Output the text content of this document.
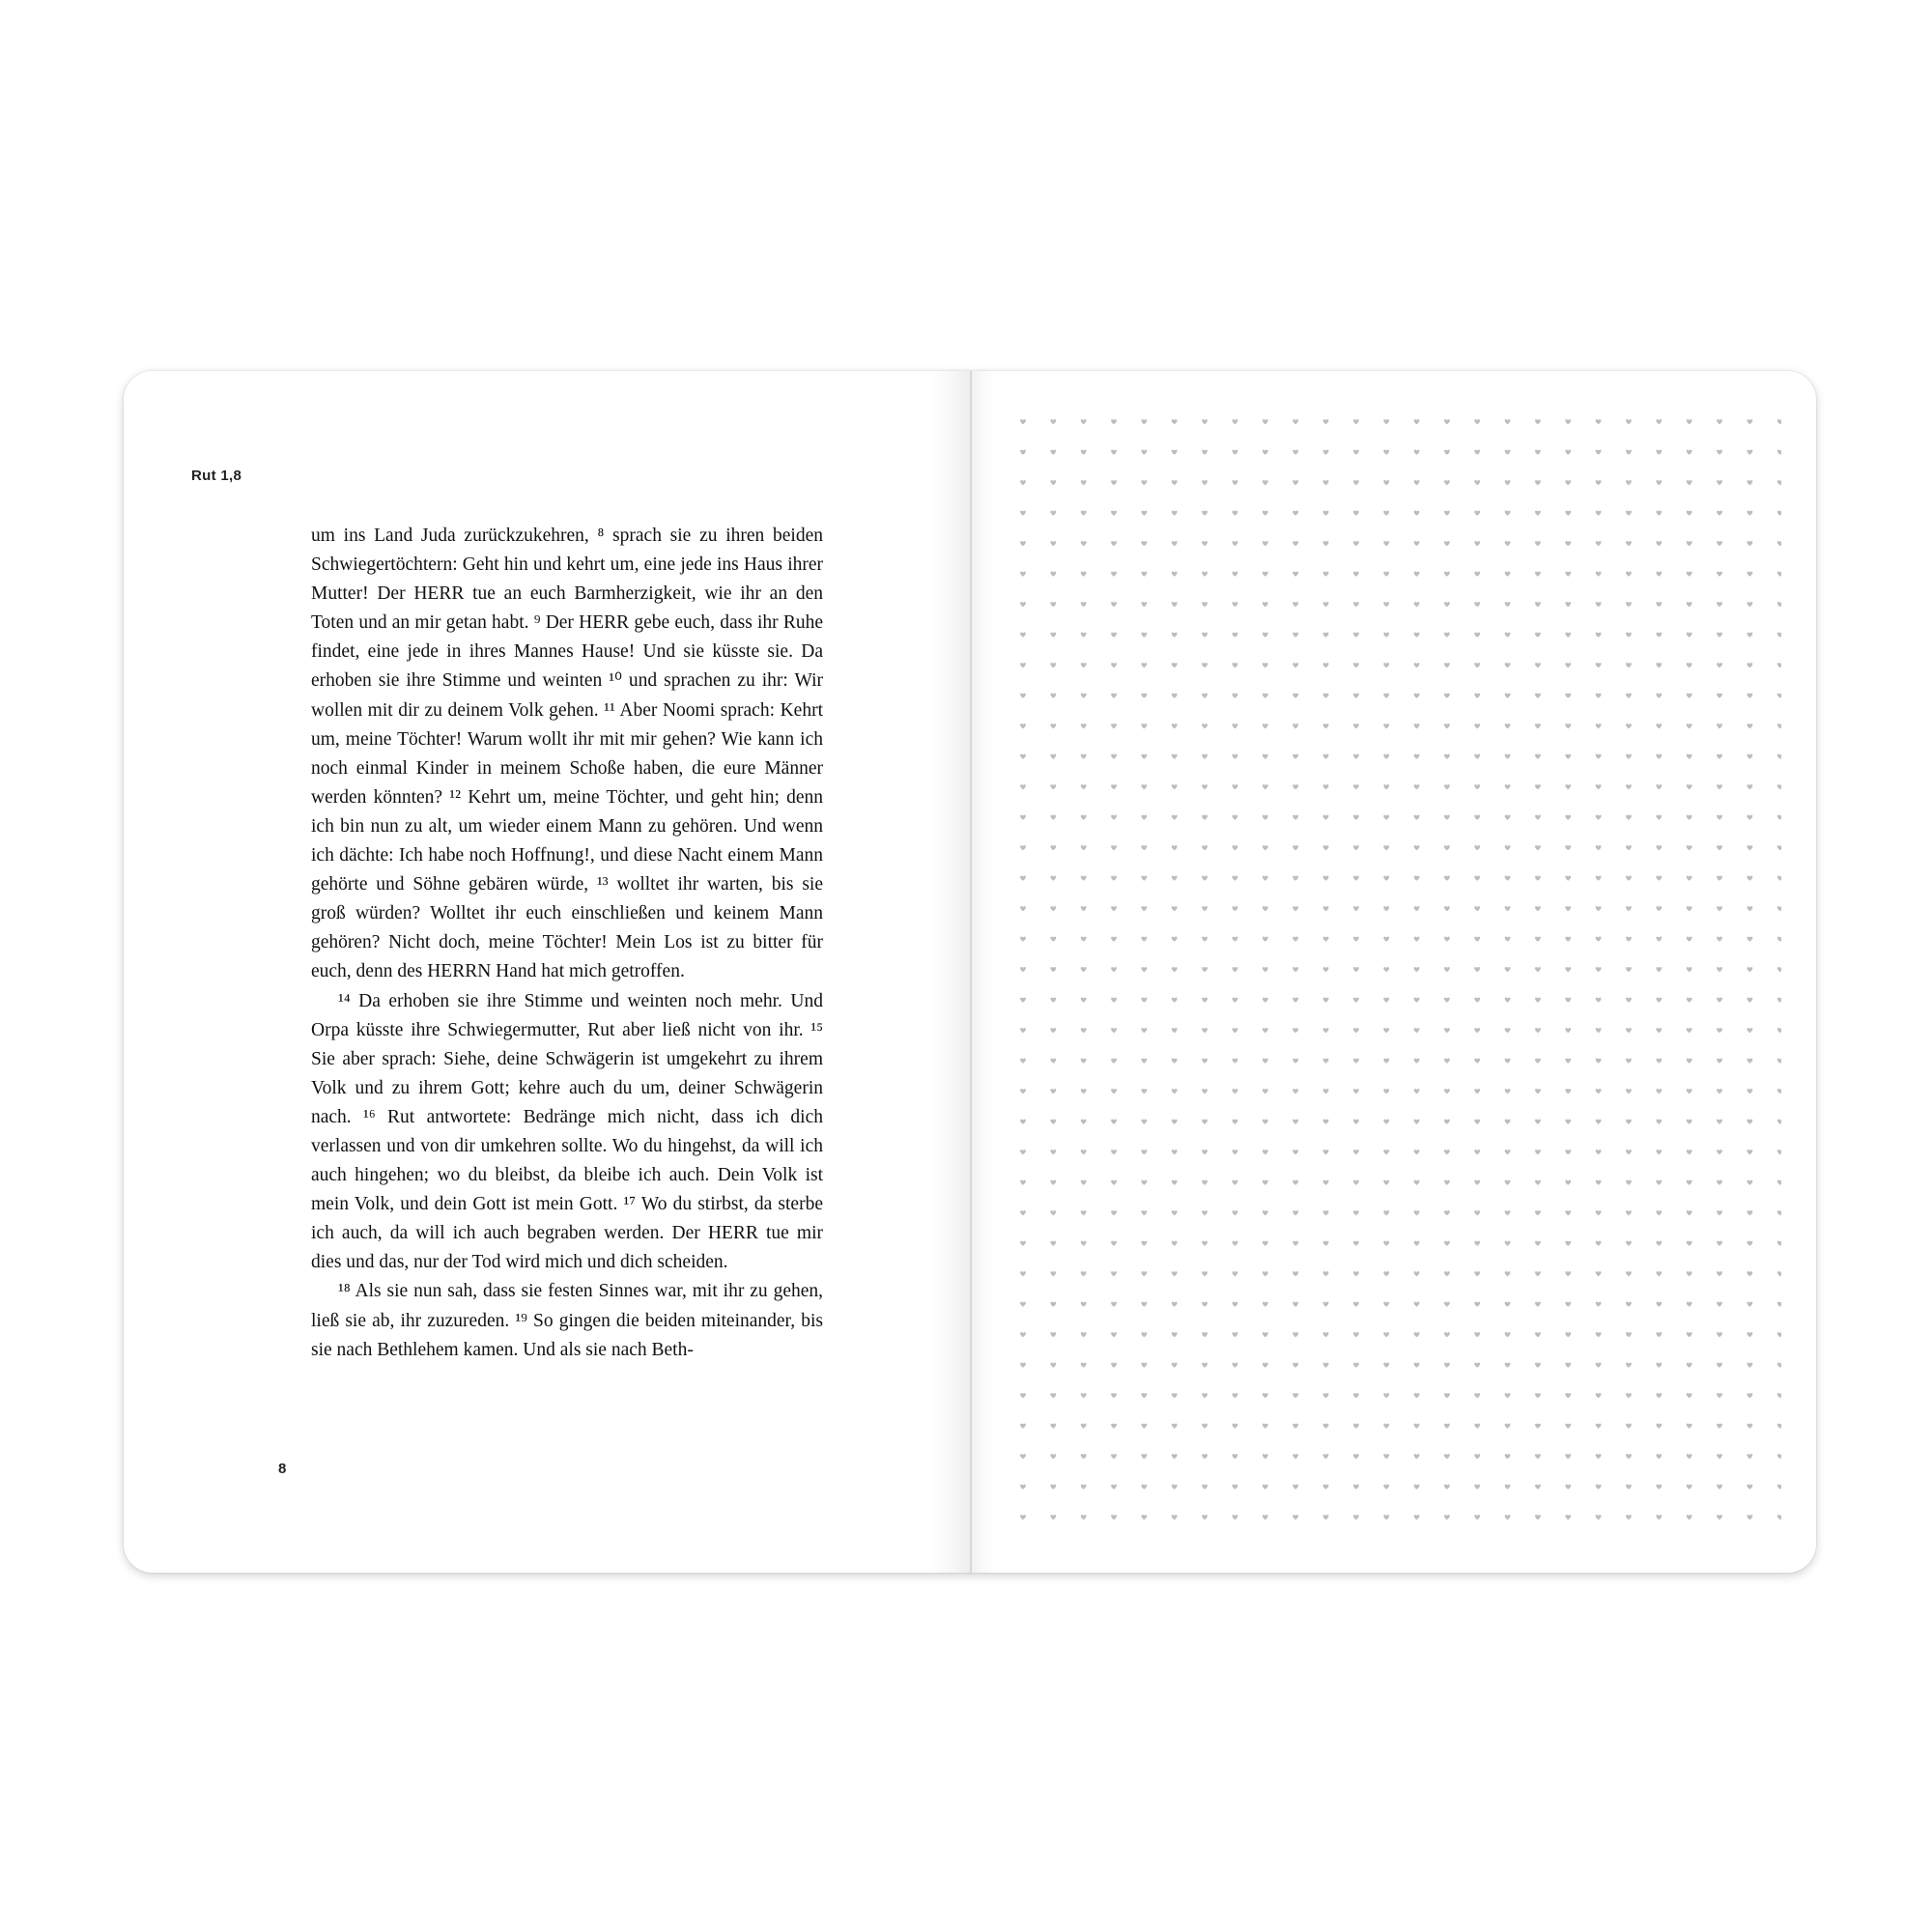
Rut 1,8

um ins Land Juda zurückzukehren, ⁸ sprach sie zu ihren beiden Schwiegertöchtern: Geht hin und kehrt um, eine jede ins Haus ihrer Mutter! Der HERR tue an euch Barmherzigkeit, wie ihr an den Toten und an mir getan habt. ⁹ Der HERR gebe euch, dass ihr Ruhe findet, eine jede in ihres Mannes Hause! Und sie küsste sie. Da erhoben sie ihre Stimme und weinten ¹⁰ und sprachen zu ihr: Wir wollen mit dir zu deinem Volk gehen. ¹¹ Aber Noomi sprach: Kehrt um, meine Töchter! Warum wollt ihr mit mir gehen? Wie kann ich noch einmal Kinder in meinem Schoße haben, die eure Männer werden könnten? ¹² Kehrt um, meine Töchter, und geht hin; denn ich bin nun zu alt, um wieder einem Mann zu gehören. Und wenn ich dächte: Ich habe noch Hoffnung!, und diese Nacht einem Mann gehörte und Söhne gebären würde, ¹³ wolltet ihr warten, bis sie groß würden? Wolltet ihr euch einschließen und keinem Mann gehören? Nicht doch, meine Töchter! Mein Los ist zu bitter für euch, denn des HERRN Hand hat mich getroffen.

¹⁴ Da erhoben sie ihre Stimme und weinten noch mehr. Und Orpa küsste ihre Schwiegermutter, Rut aber ließ nicht von ihr. ¹⁵ Sie aber sprach: Siehe, deine Schwägerin ist umgekehrt zu ihrem Volk und zu ihrem Gott; kehre auch du um, deiner Schwägerin nach. ¹⁶ Rut antwortete: Bedränge mich nicht, dass ich dich verlassen und von dir umkehren sollte. Wo du hingehst, da will ich auch hingehen; wo du bleibst, da bleibe ich auch. Dein Volk ist mein Volk, und dein Gott ist mein Gott. ¹⁷ Wo du stirbst, da sterbe ich auch, da will ich auch begraben werden. Der HERR tue mir dies und das, nur der Tod wird mich und dich scheiden.

¹⁸ Als sie nun sah, dass sie festen Sinnes war, mit ihr zu gehen, ließ sie ab, ihr zuzureden. ¹⁹ So gingen die beiden miteinander, bis sie nach Bethlehem kamen. Und als sie nach Beth-

8
